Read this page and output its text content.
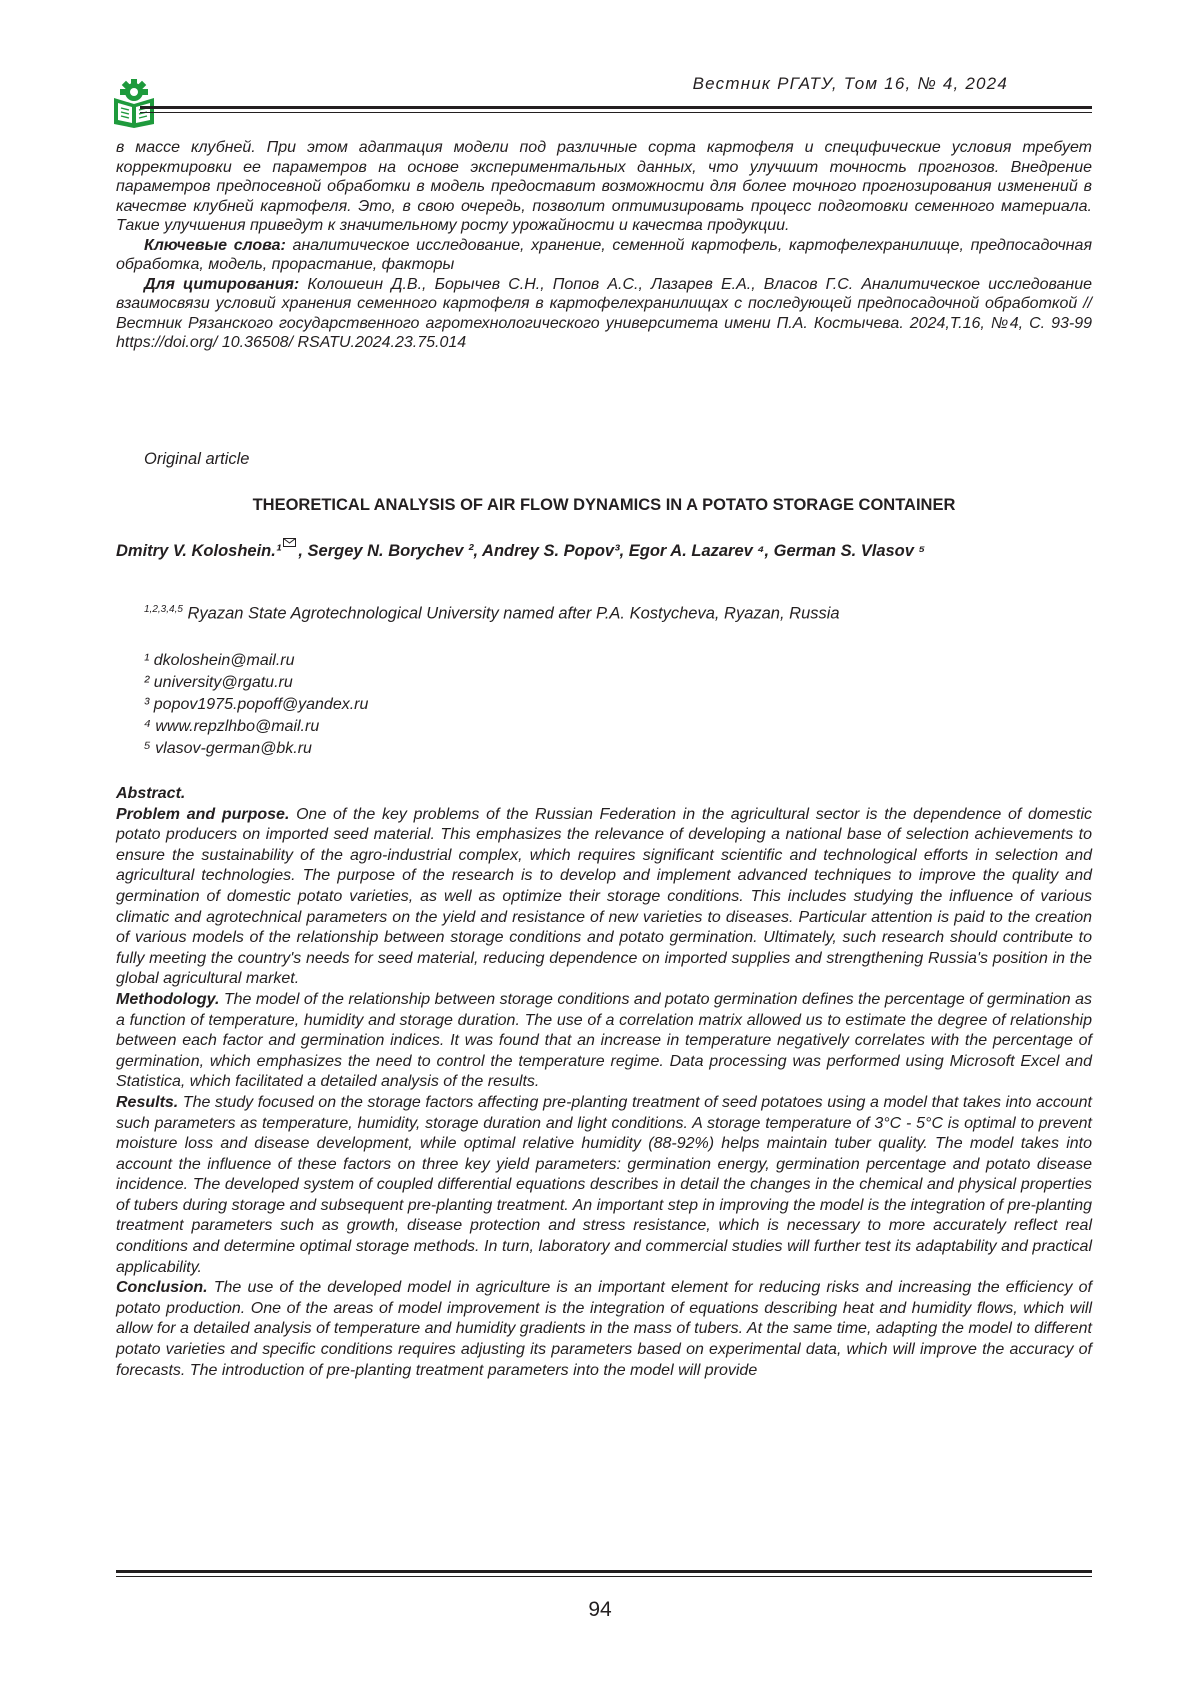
Вестник РГАТУ, Том 16, № 4, 2024

в массе клубней. При этом адаптация модели под различные сорта картофеля и специфические условия требует корректировки ее параметров на основе экспериментальных данных, что улучшит точность прогнозов. Внедрение параметров предпосевной обработки в модель предоставит возможности для более точного прогнозирования изменений в качестве клубней картофеля. Это, в свою очередь, позволит оптимизировать процесс подготовки семенного материала. Такие улучшения приведут к значительному росту урожайности и качества продукции.

Ключевые слова: аналитическое исследование, хранение, семенной картофель, картофелехранилище, предпосадочная обработка, модель, прорастание, факторы

Для цитирования: Колошеин Д.В., Борычев С.Н., Попов А.С., Лазарев Е.А., Власов Г.С. Аналитическое исследование взаимосвязи условий хранения семенного картофеля в картофелехранилищах с последующей предпосадочной обработкой // Вестник Рязанского государственного агротехнологического университета имени П.А. Костычева. 2024,Т.16, №4, С. 93-99 https://doi.org/ 10.36508/ RSATU.2024.23.75.014

Original article
THEORETICAL ANALYSIS OF AIR FLOW DYNAMICS IN A POTATO STORAGE CONTAINER
Dmitry V. Koloshein.¹ , Sergey N. Borychev ², Andrey S. Popov³, Egor A. Lazarev ⁴, German S. Vlasov ⁵
$^{1,2,3,4,5}$ Ryazan State Agrotechnological University named after P.A. Kostycheva, Ryazan, Russia
¹ dkoloshein@mail.ru
² university@rgatu.ru
³ popov1975.popoff@yandex.ru
⁴ www.repzlhbo@mail.ru
⁵ vlasov-german@bk.ru

Abstract.

Problem and purpose. One of the key problems of the Russian Federation in the agricultural sector is the dependence of domestic potato producers on imported seed material. This emphasizes the relevance of developing a national base of selection achievements to ensure the sustainability of the agro-industrial complex, which requires significant scientific and technological efforts in selection and agricultural technologies. The purpose of the research is to develop and implement advanced techniques to improve the quality and germination of domestic potato varieties, as well as optimize their storage conditions. This includes studying the influence of various climatic and agrotechnical parameters on the yield and resistance of new varieties to diseases. Particular attention is paid to the creation of various models of the relationship between storage conditions and potato germination. Ultimately, such research should contribute to fully meeting the country's needs for seed material, reducing dependence on imported supplies and strengthening Russia's position in the global agricultural market.

Methodology. The model of the relationship between storage conditions and potato germination defines the percentage of germination as a function of temperature, humidity and storage duration. The use of a correlation matrix allowed us to estimate the degree of relationship between each factor and germination indices. It was found that an increase in temperature negatively correlates with the percentage of germination, which emphasizes the need to control the temperature regime. Data processing was performed using Microsoft Excel and Statistica, which facilitated a detailed analysis of the results.

Results. The study focused on the storage factors affecting pre-planting treatment of seed potatoes using a model that takes into account such parameters as temperature, humidity, storage duration and light conditions. A storage temperature of 3°C - 5°C is optimal to prevent moisture loss and disease development, while optimal relative humidity (88-92%) helps maintain tuber quality. The model takes into account the influence of these factors on three key yield parameters: germination energy, germination percentage and potato disease incidence. The developed system of coupled differential equations describes in detail the changes in the chemical and physical properties of tubers during storage and subsequent pre-planting treatment. An important step in improving the model is the integration of pre-planting treatment parameters such as growth, disease protection and stress resistance, which is necessary to more accurately reflect real conditions and determine optimal storage methods. In turn, laboratory and commercial studies will further test its adaptability and practical applicability.

Conclusion. The use of the developed model in agriculture is an important element for reducing risks and increasing the efficiency of potato production. One of the areas of model improvement is the integration of equations describing heat and humidity flows, which will allow for a detailed analysis of temperature and humidity gradients in the mass of tubers. At the same time, adapting the model to different potato varieties and specific conditions requires adjusting its parameters based on experimental data, which will improve the accuracy of forecasts. The introduction of pre-planting treatment parameters into the model will provide

94
